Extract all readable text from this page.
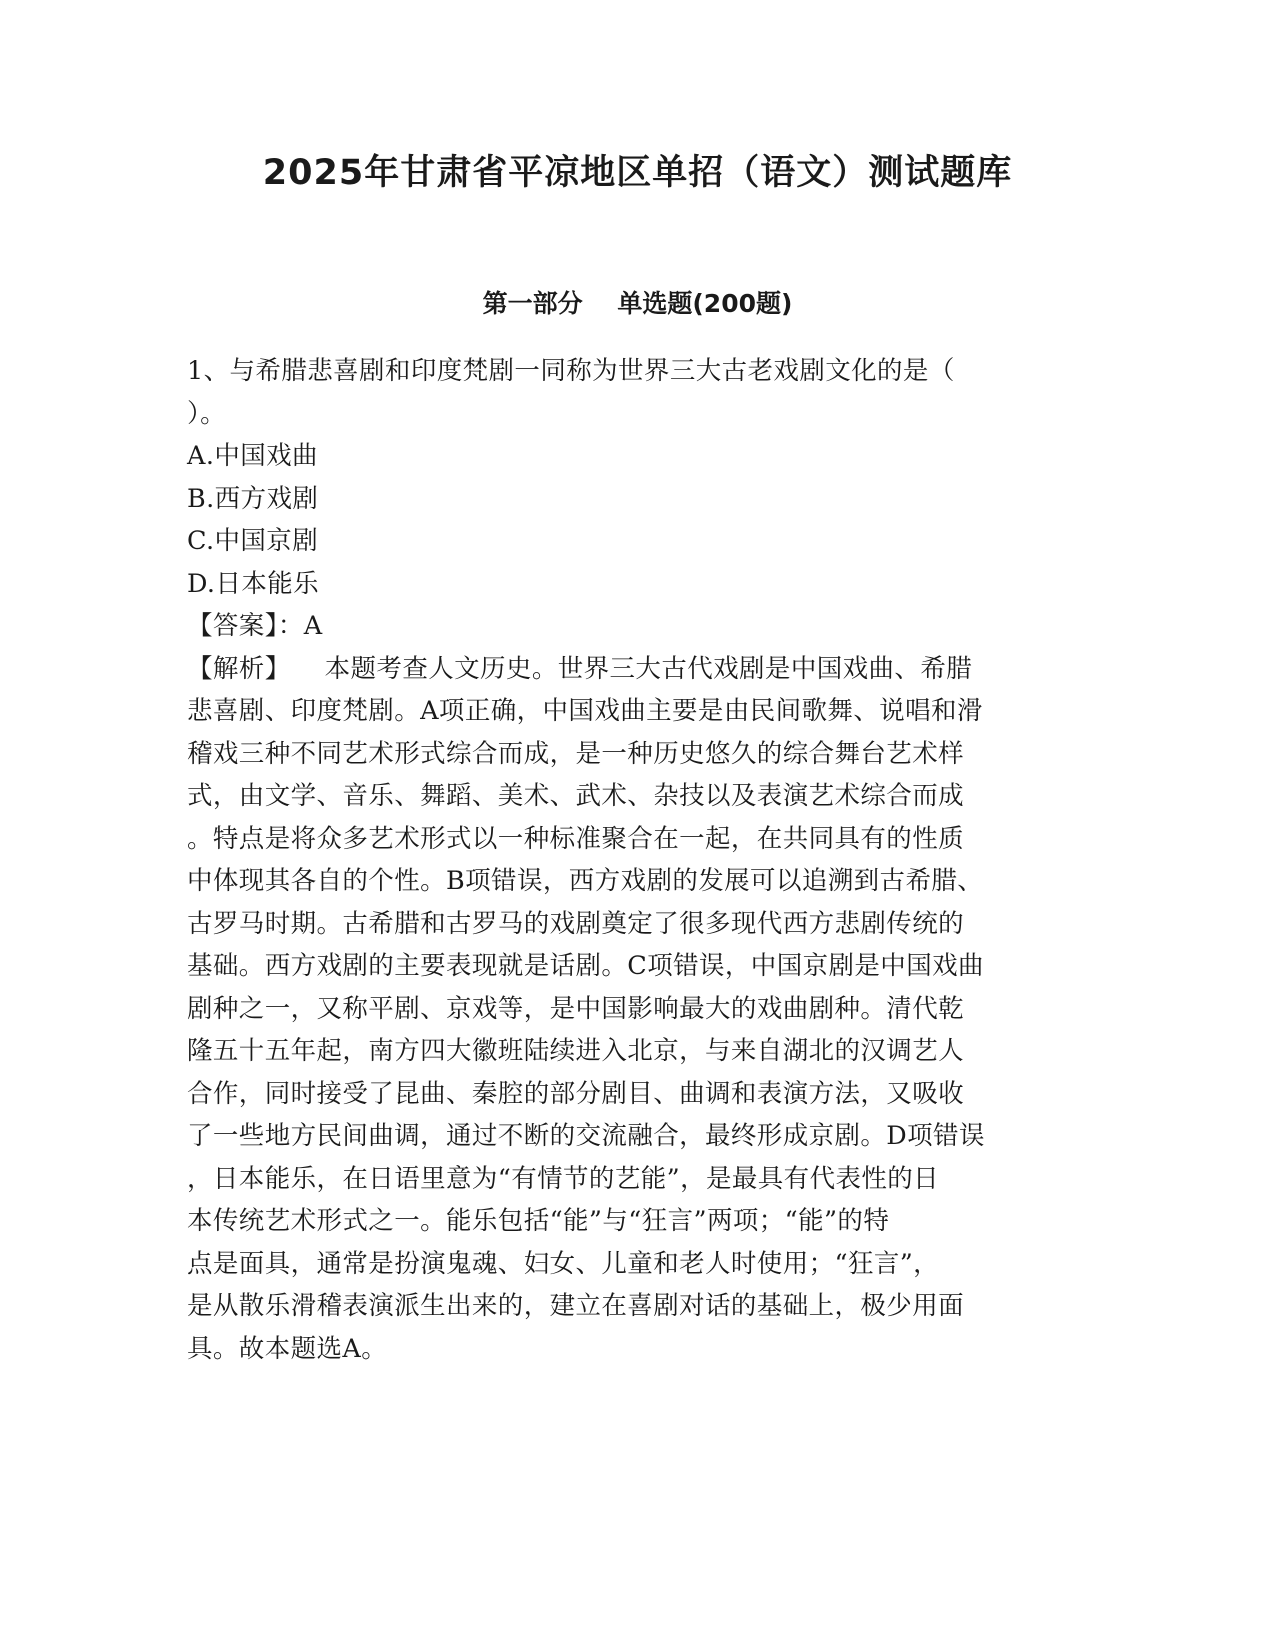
2025年甘肃省平凉地区单招（语文）测试题库
第一部分    单选题(200题)
1、与希腊悲喜剧和印度梵剧一同称为世界三大古老戏剧文化的是（
）。
A.中国戏曲
B.西方戏剧
C.中国京剧
D.日本能乐
【答案】：A
【解析】    本题考查人文历史。世界三大古代戏剧是中国戏曲、希腊
悲喜剧、印度梵剧。A项正确，中国戏曲主要是由民间歌舞、说唱和滑
稽戏三种不同艺术形式综合而成，是一种历史悠久的综合舞台艺术样
式，由文学、音乐、舞蹈、美术、武术、杂技以及表演艺术综合而成
。特点是将众多艺术形式以一种标准聚合在一起，在共同具有的性质
中体现其各自的个性。B项错误，西方戏剧的发展可以追溯到古希腊、
古罗马时期。古希腊和古罗马的戏剧奠定了很多现代西方悲剧传统的
基础。西方戏剧的主要表现就是话剧。C项错误，中国京剧是中国戏曲
剧种之一，又称平剧、京戏等，是中国影响最大的戏曲剧种。清代乾
隆五十五年起，南方四大徽班陆续进入北京，与来自湖北的汉调艺人
合作，同时接受了昆曲、秦腔的部分剧目、曲调和表演方法，又吸收
了一些地方民间曲调，通过不断的交流融合，最终形成京剧。D项错误
，日本能乐，在日语里意为“有情节的艺能”，是最具有代表性的日
本传统艺术形式之一。能乐包括“能”与“狂言”两项；“能”的特
点是面具，通常是扮演鬼魂、妇女、儿童和老人时使用；“狂言”，
是从散乐滑稽表演派生出来的，建立在喜剧对话的基础上，极少用面
具。故本题选A。
